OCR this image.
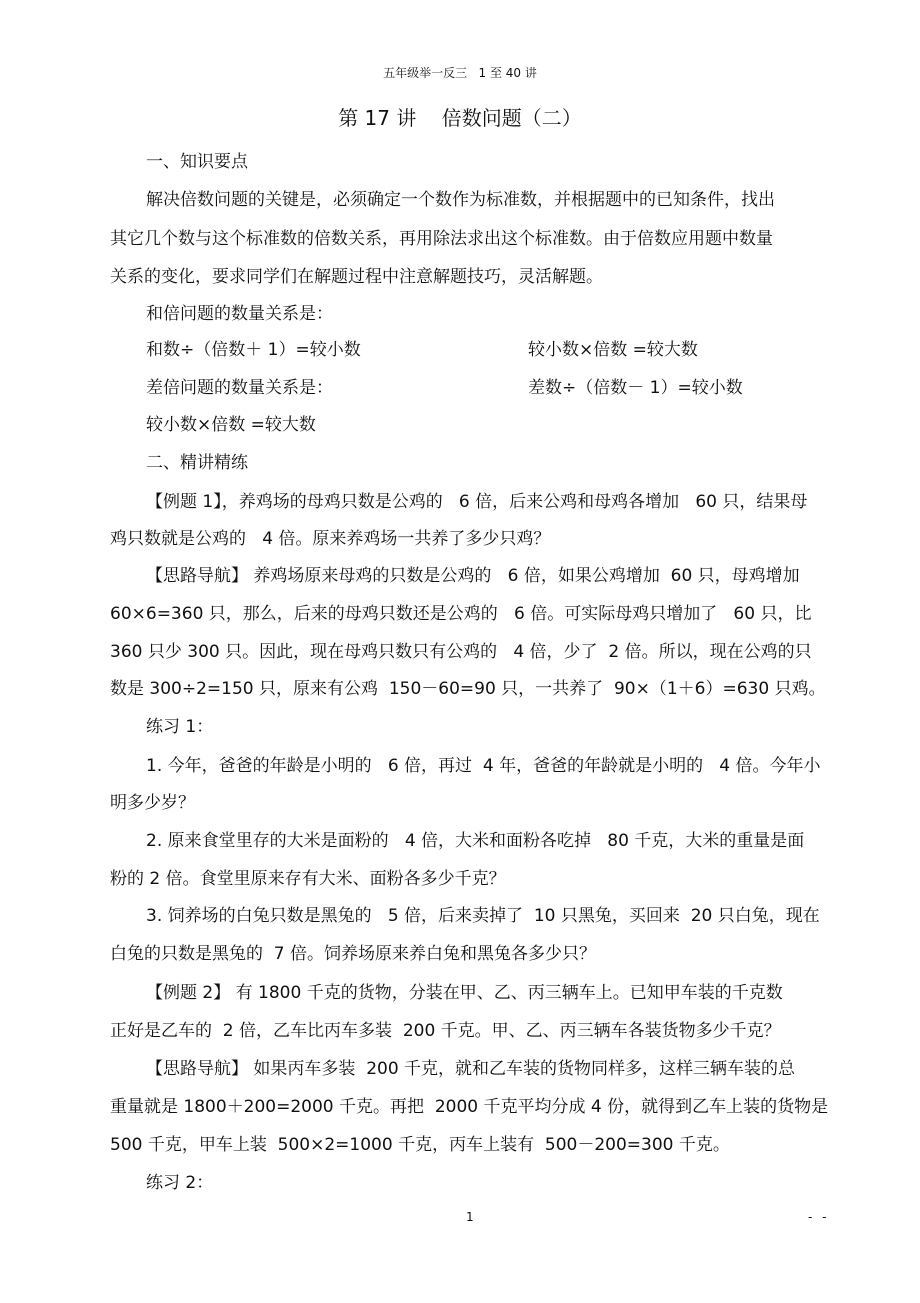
五年级举一反三   1 至 40 讲
第 17 讲    倍数问题（二）
一、知识要点
解决倍数问题的关键是，必须确定一个数作为标准数，并根据题中的已知条件，找出
其它几个数与这个标准数的倍数关系，再用除法求出这个标准数。由于倍数应用题中数量
关系的变化，要求同学们在解题过程中注意解题技巧，灵活解题。
和倍问题的数量关系是：
和数÷（倍数＋ 1）=较小数	较小数×倍数 =较大数
差倍问题的数量关系是：	差数÷（倍数－ 1）=较小数
较小数×倍数 =较大数
二、精讲精练
【例题 1】，养鸡场的母鸡只数是公鸡的   6 倍，后来公鸡和母鸡各增加   60 只，结果母
鸡只数就是公鸡的   4 倍。原来养鸡场一共养了多少只鸡？
【思路导航】 养鸡场原来母鸡的只数是公鸡的   6 倍，如果公鸡增加  60 只，母鸡增加
60×6=360 只，那么，后来的母鸡只数还是公鸡的   6 倍。可实际母鸡只增加了   60 只，比
360 只少 300 只。因此，现在母鸡只数只有公鸡的   4 倍，少了  2 倍。所以，现在公鸡的只
数是 300÷2=150 只，原来有公鸡  150－60=90 只，一共养了  90×（1＋6）=630 只鸡。
练习 1：
1. 今年，爸爸的年龄是小明的   6 倍，再过  4 年，爸爸的年龄就是小明的   4 倍。今年小
明多少岁？
2. 原来食堂里存的大米是面粉的   4 倍，大米和面粉各吃掉   80 千克，大米的重量是面
粉的 2 倍。食堂里原来存有大米、面粉各多少千克？
3. 饲养场的白兔只数是黑兔的   5 倍，后来卖掉了  10 只黑兔，买回来  20 只白兔，现在
白兔的只数是黑兔的  7 倍。饲养场原来养白兔和黑兔各多少只？
【例题 2】 有 1800 千克的货物，分装在甲、乙、丙三辆车上。已知甲车装的千克数
正好是乙车的  2 倍，乙车比丙车多装  200 千克。甲、乙、丙三辆车各装货物多少千克？
【思路导航】 如果丙车多装  200 千克，就和乙车装的货物同样多，这样三辆车装的总
重量就是 1800＋200=2000 千克。再把  2000 千克平均分成 4 份，就得到乙车上装的货物是
500 千克，甲车上装  500×2=1000 千克，丙车上装有  500－200=300 千克。
练习 2：
1	- -
